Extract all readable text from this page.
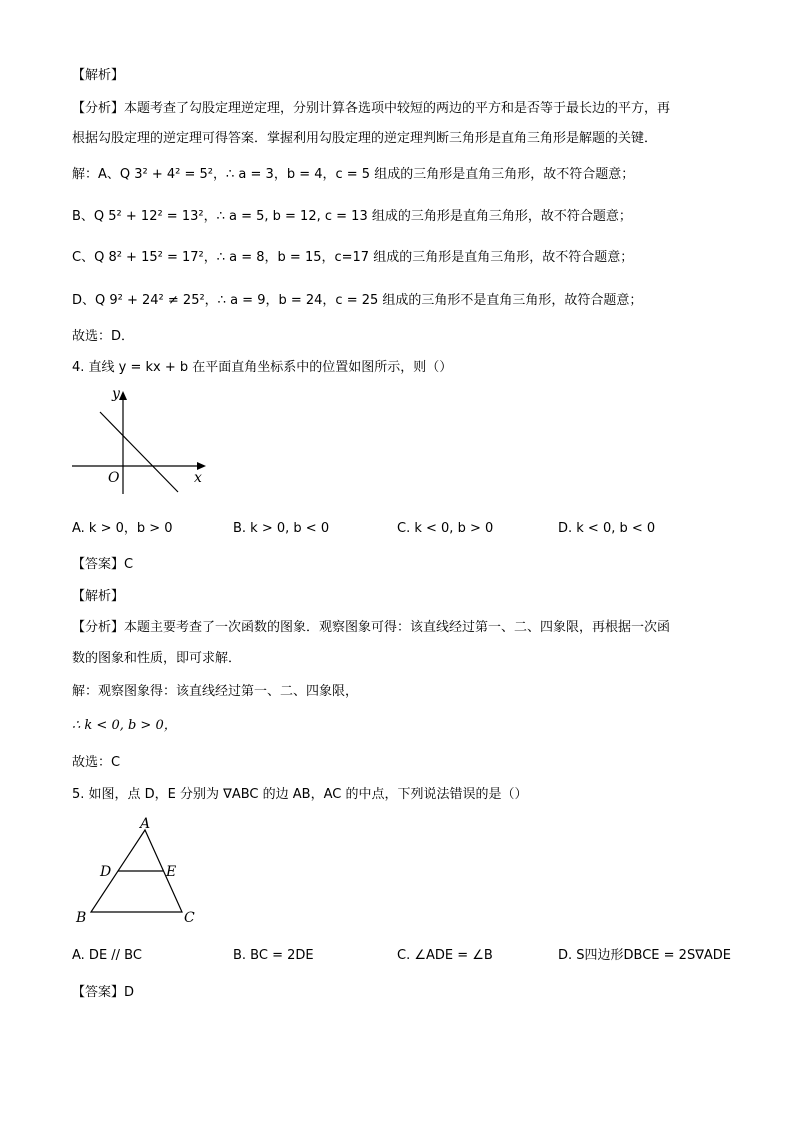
【解析】
【分析】本题考查了勾股定理逆定理，分别计算各选项中较短的两边的平方和是否等于最长边的平方，再
根据勾股定理的逆定理可得答案．掌握利用勾股定理的逆定理判断三角形是直角三角形是解题的关键．
解：A、Q 3² + 4² = 5²，∴ a = 3，b = 4，c = 5 组成的三角形是直角三角形，故不符合题意；
B、Q 5² + 12² = 13²，∴ a = 5, b = 12, c = 13 组成的三角形是直角三角形，故不符合题意；
C、Q 8² + 15² = 17²，∴ a = 8，b = 15，c=17 组成的三角形是直角三角形，故不符合题意；
D、Q 9² + 24² ≠ 25²，∴ a = 9，b = 24，c = 25 组成的三角形不是直角三角形，故符合题意；
故选：D．
4. 直线 y = kx + b 在平面直角坐标系中的位置如图所示，则（）
y
x
O
A. k > 0，b > 0	B. k > 0, b < 0	C. k < 0, b > 0	D. k < 0, b < 0
【答案】C
【解析】
【分析】本题主要考查了一次函数的图象．观察图象可得：该直线经过第一、二、四象限，再根据一次函
数的图象和性质，即可求解．
解：观察图象得：该直线经过第一、二、四象限，
∴ k < 0, b > 0，
故选：C
5. 如图，点 D，E 分别为 ∇ABC 的边 AB，AC 的中点，下列说法错误的是（）
A
B	C
D	E
A. DE // BC	B. BC = 2DE	C. ∠ADE = ∠B	D. S四边形DBCE = 2S∇ADE
【答案】D
